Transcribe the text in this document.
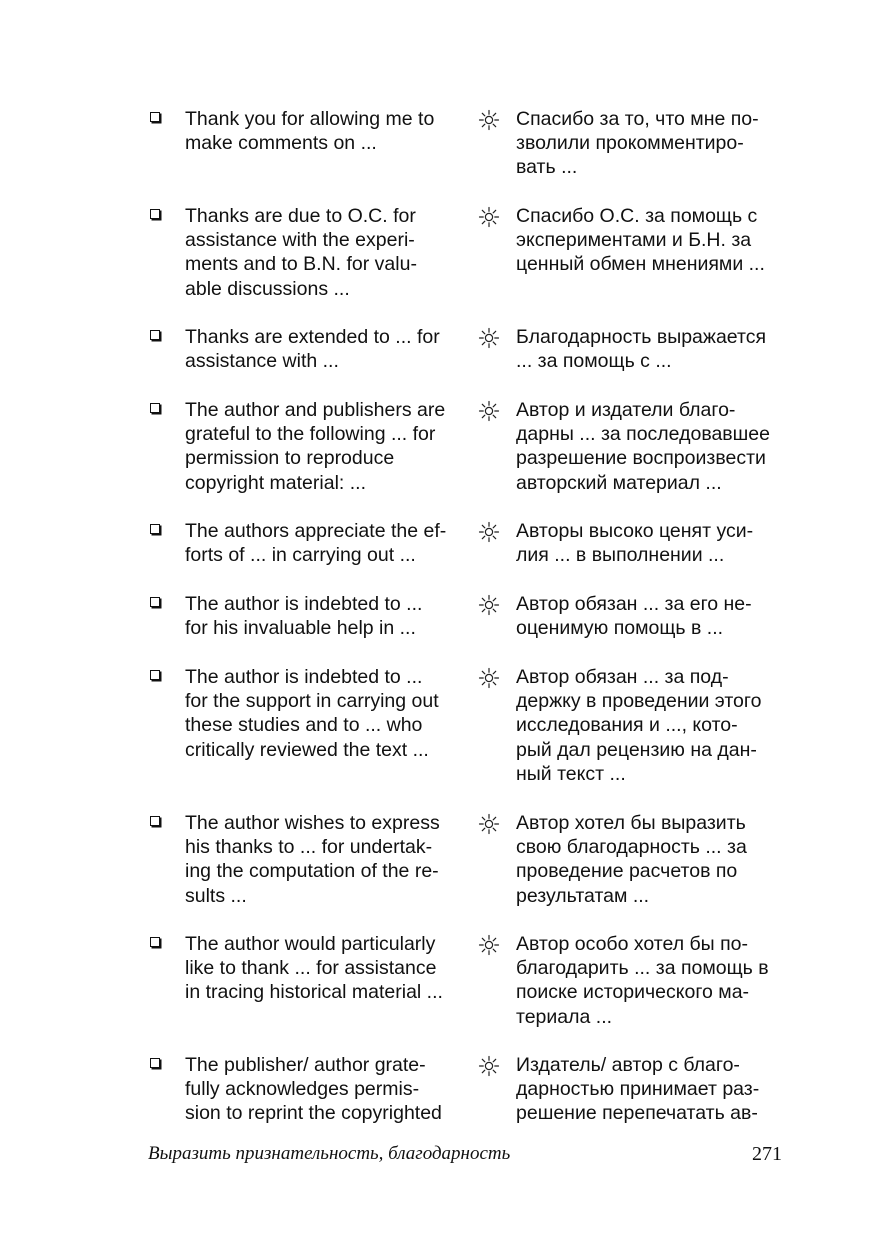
Thank you for allowing me to
make comments on ...

Спасибо за то, что мне по-
зволили прокомментиро-
вать ...

Thanks are due to O.C. for
assistance with the experi-
ments and to B.N. for valu-
able discussions ...

Спасибо О.С. за помощь с
экспериментами и Б.Н. за
ценный обмен мнениями ...

Thanks are extended to ... for
assistance with ...

Благодарность выражается
... за помощь с ...

The author and publishers are
grateful to the following ... for
permission to reproduce
copyright material: ...

Автор и издатели благо-
дарны ... за последовавшее
разрешение воспроизвести
авторский материал ...

The authors appreciate the ef-
forts of ... in carrying out ...

Авторы высоко ценят уси-
лия ... в выполнении ...

The author is indebted to ...
for his invaluable help in ...

Автор обязан ... за его не-
оценимую помощь в ...

The author is indebted to ...
for the support in carrying out
these studies and to ... who
critically reviewed the text ...

Автор обязан ... за под-
держку в проведении этого
исследования и ..., кото-
рый дал рецензию на дан-
ный текст ...

The author wishes to express
his thanks to ... for undertak-
ing the computation of the re-
sults ...

Автор хотел бы выразить
свою благодарность ... за
проведение расчетов по
результатам ...

The author would particularly
like to thank ... for assistance
in tracing historical material ...

Автор особо хотел бы по-
благодарить ... за помощь в
поиске исторического ма-
териала ...

The publisher/ author grate-
fully acknowledges permis-
sion to reprint the copyrighted

Издатель/ автор с благо-
дарностью принимает раз-
решение перепечатать ав-

Выразить признательность, благодарность	271
